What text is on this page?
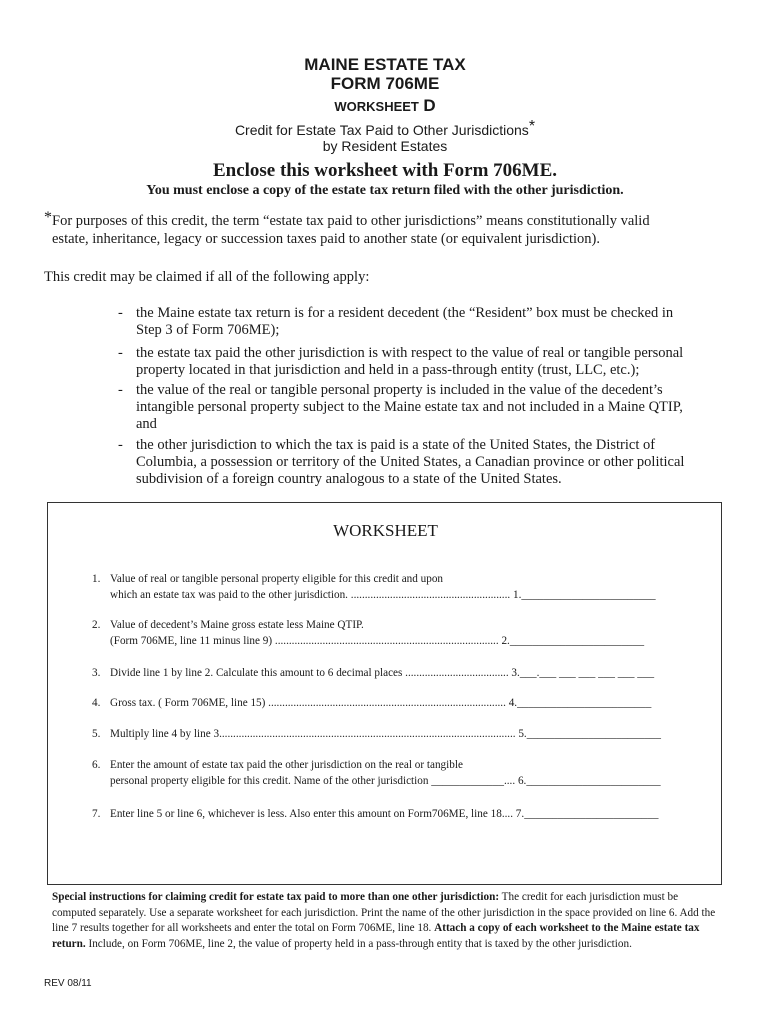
MAINE ESTATE TAX
FORM 706ME
WORKSHEET D
Credit for Estate Tax Paid to Other Jurisdictions*
by Resident Estates
Enclose this worksheet with Form 706ME.
You must enclose a copy of the estate tax return filed with the other jurisdiction.
*For purposes of this credit, the term “estate tax paid to other jurisdictions” means constitutionally valid
estate, inheritance, legacy or succession taxes paid to another state (or equivalent jurisdiction).
This credit may be claimed if all of the following apply:
- the Maine estate tax return is for a resident decedent (the “Resident” box must be checked in
Step 3 of Form 706ME);
- the estate tax paid the other jurisdiction is with respect to the value of real or tangible personal
property located in that jurisdiction and held in a pass-through entity (trust, LLC, etc.);
- the value of the real or tangible personal property is included in the value of the decedent’s
intangible personal property subject to the Maine estate tax and not included in a Maine QTIP,
and
- the other jurisdiction to which the tax is paid is a state of the United States, the District of
Columbia, a possession or territory of the United States, a Canadian province or other political
subdivision of a foreign country analogous to a state of the United States.
WORKSHEET
1. Value of real or tangible personal property eligible for this credit and upon
which an estate tax was paid to the other jurisdiction. ......................................................... 1.________________________
2. Value of decedent’s Maine gross estate less Maine QTIP.
(Form 706ME, line 11 minus line 9) ................................................................................ 2.________________________
3. Divide line 1 by line 2. Calculate this amount to 6 decimal places ..................................... 3.___.___ ___ ___ ___ ___ ___
4. Gross tax. ( Form 706ME, line 15) ..................................................................................... 4.________________________
5. Multiply line 4 by line 3.......................................................................................................... 5.________________________
6. Enter the amount of estate tax paid the other jurisdiction on the real or tangible
personal property eligible for this credit. Name of the other jurisdiction _____________.... 6.________________________
7. Enter line 5 or line 6, whichever is less. Also enter this amount on Form706ME, line 18.... 7.________________________
Special instructions for claiming credit for estate tax paid to more than one other jurisdiction: The credit for each jurisdiction must be computed separately. Use a separate worksheet for each jurisdiction. Print the name of the other jurisdiction in the space provided on line 6. Add the line 7 results together for all worksheets and enter the total on Form 706ME, line 18. Attach a copy of each worksheet to the Maine estate tax return. Include, on Form 706ME, line 2, the value of property held in a pass-through entity that is taxed by the other jurisdiction.
REV 08/11
